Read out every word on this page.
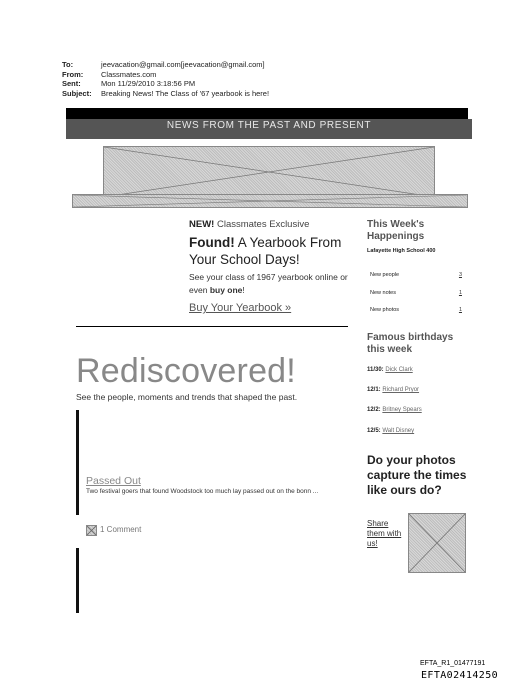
To:	jeevacation@gmail.com[jeevacation@gmail.com]
From:	Classmates.com
Sent:	Mon 11/29/2010 3:18:56 PM
Subject:	Breaking News! The Class of '67 yearbook is here!
NEWS FROM THE PAST AND PRESENT
NEW! Classmates Exclusive
Found! A Yearbook From Your School Days!
See your class of 1967 yearbook online or even buy one!
Buy Your Yearbook »
This Week's Happenings
Lafayette High School 400
New people	3
New notes	1
New photos	1
Famous birthdays this week
11/30: Dick Clark
12/1: Richard Pryor
12/2: Britney Spears
12/5: Walt Disney
Rediscovered!
See the people, moments and trends that shaped the past.
Passed Out
Two festival goers that found Woodstock too much lay passed out on the bonn ...
1 Comment
Do your photos capture the times like ours do?
Share them with us!
EFTA_R1_01477191
EFTA02414250
